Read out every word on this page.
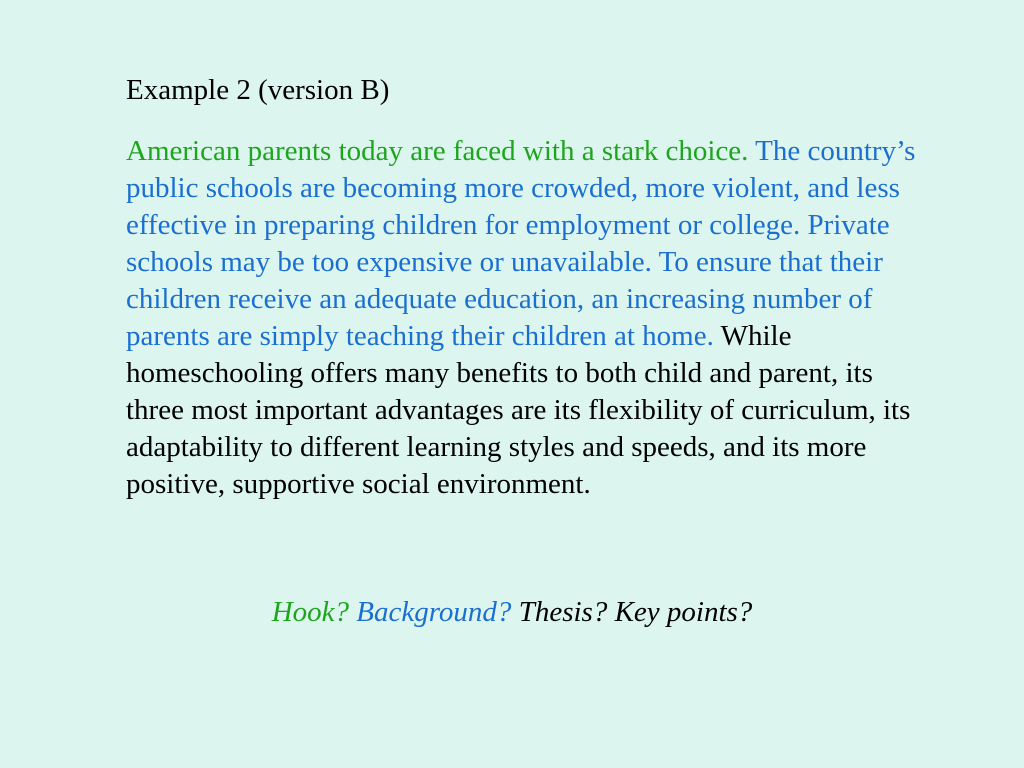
Example 2 (version B)

American parents today are faced with a stark choice. The country’s public schools are becoming more crowded, more violent, and less effective in preparing children for employment or college. Private schools may be too expensive or unavailable. To ensure that their children receive an adequate education, an increasing number of parents are simply teaching their children at home. While homeschooling offers many benefits to both child and parent, its three most important advantages are its flexibility of curriculum, its adaptability to different learning styles and speeds, and its more positive, supportive social environment.

Hook? Background? Thesis? Key points?
